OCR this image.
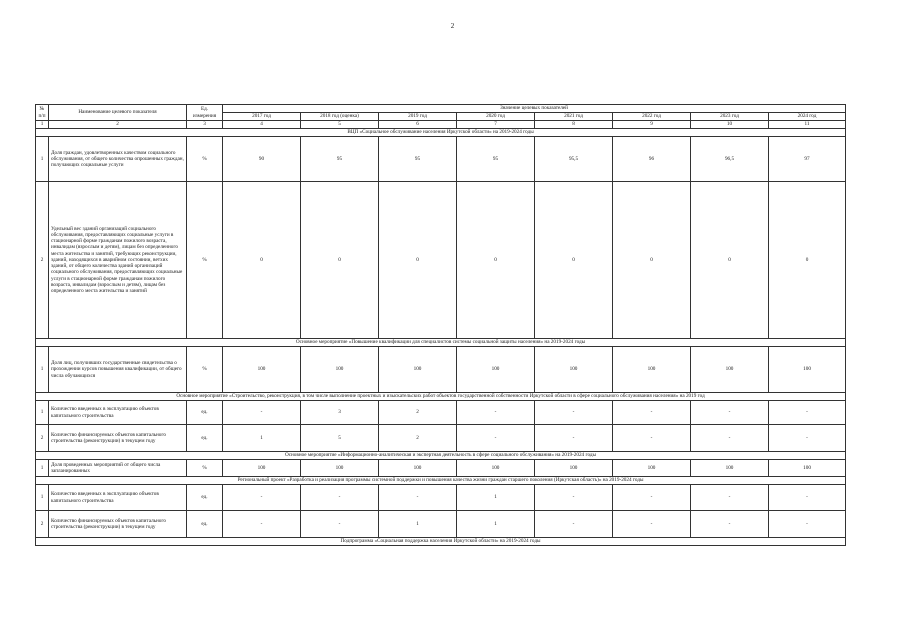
2
№
п/п	Наименование целевого показателя	Ед.
измерения	Значение целевых показателей							
			2017 год	2018 год (оценка)	2019 год	2020 год	2021 год	2022 год	2023 год	2024 год
1	2	3	4	5	6	7	8	9	10	11
ВЦП «Социальное обслуживание населения Иркутской области» на 2019-2024 годы										
1	Доля граждан, удовлетворенных качеством социального обслуживания, от общего количества опрошенных граждан, получающих социальные услуги	%	90	95	95	95	95,5	96	96,5	97
2	Удельный вес зданий организаций социального обслуживания, предоставляющих социальные услуги в стационарной форме гражданам пожилого возраста, инвалидам (взрослым и детям), лицам без определенного места жительства и занятий, требующих реконструкции, зданий, находящихся в аварийном состоянии, ветхих зданий, от общего количества зданий организаций социального обслуживания, предоставляющих социальные услуги в стационарной форме гражданам пожилого возраста, инвалидам (взрослым и детям), лицам без определенного места жительства и занятий	%	0	0	0	0	0	0	0	0
Основное мероприятие «Повышение квалификации для специалистов системы социальной защиты населения» на 2019-2024 годы										
1	Доля лиц, получивших государственные свидетельства о прохождении курсов повышения квалификации, от общего числа обучающихся	%	100	100	100	100	100	100	100	100
Основное мероприятие «Строительство, реконструкция, в том числе выполнение проектных и изыскательских работ объектов государственной собственности Иркутской области в сфере социального обслуживания населения» на 2019 год										
1	Количество введенных в эксплуатацию объектов капитального строительства	ед.	-	3	2	-	-	-	-	-
2	Количество финансируемых объектов капитального строительства (реконструкции) в текущем году	ед.	1	5	2	-	-	-	-	-
Основное мероприятие «Информационно-аналитическая и экспертная деятельность в сфере социального обслуживания» на 2019-2024 годы										
1	Доля проведенных мероприятий от общего числа запланированных	%	100	100	100	100	100	100	100	100
Региональный проект «Разработка и реализация программы системной поддержки и повышения качества жизни граждан старшего поколения (Иркутская область)» на 2019-2024 годы										
1	Количество введенных в эксплуатацию объектов капитального строительства	ед.	-	-	-	1	-	-	-	-
2	Количество финансируемых объектов капитального строительства (реконструкции) в текущем году	ед.	-	-	1	1	-	-	-	-
Подпрограмма «Социальная поддержка населения Иркутской области» на 2019-2024 годы										
